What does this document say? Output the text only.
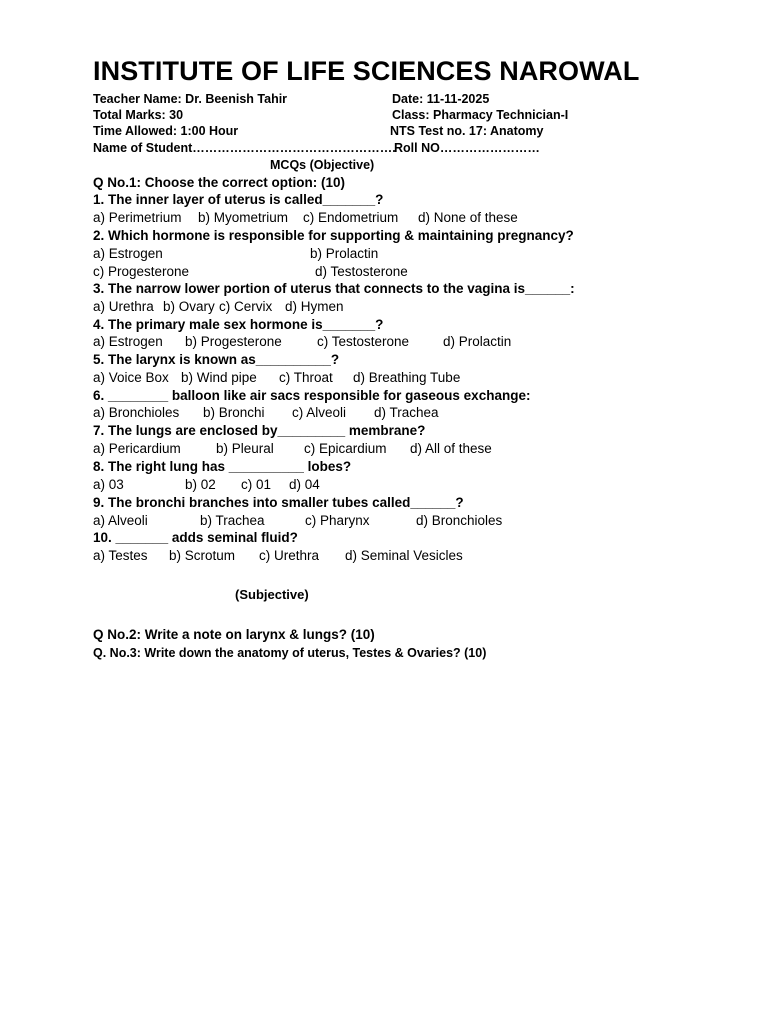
INSTITUTE OF LIFE SCIENCES NAROWAL
Teacher Name: Dr. Beenish Tahir	Date: 11-11-2025
Total Marks: 30	Class: Pharmacy Technician-I
Time Allowed: 1:00 Hour	NTS Test no. 17: Anatomy
Name of Student………………………………………….
Roll NO……………………
MCQs (Objective)
Q No.1: Choose the correct option: (10)
1. The inner layer of uterus is called_______?
a) Perimetrium b) Myometrium c) Endometrium d) None of these
2. Which hormone is responsible for supporting & maintaining pregnancy?
a) Estrogen	b) Prolactin
c) Progesterone	d) Testosterone
3. The narrow lower portion of uterus that connects to the vagina is______:
a) Urethra b) Ovary c) Cervix d) Hymen
4. The primary male sex hormone is_______?
a) Estrogen b) Progesterone	c) Testosterone	d) Prolactin
5. The larynx is known as__________?
a) Voice Box b) Wind pipe c) Throat d) Breathing Tube
6. ________ balloon like air sacs responsible for gaseous exchange:
a) Bronchioles b) Bronchi c) Alveoli d) Trachea
7. The lungs are enclosed by_________ membrane?
a) Pericardium	b) Pleural c) Epicardium d) All of these
8. The right lung has __________ lobes?
a) 03	b) 02 c) 01 d) 04
9. The bronchi branches into smaller tubes called______?
a) Alveoli	b) Trachea	c) Pharynx	d) Bronchioles
10. _______ adds seminal fluid?
a) Testes b) Scrotum c) Urethra d) Seminal Vesicles
(Subjective)
Q No.2: Write a note on larynx & lungs? (10)
Q. No.3: Write down the anatomy of uterus, Testes & Ovaries? (10)
